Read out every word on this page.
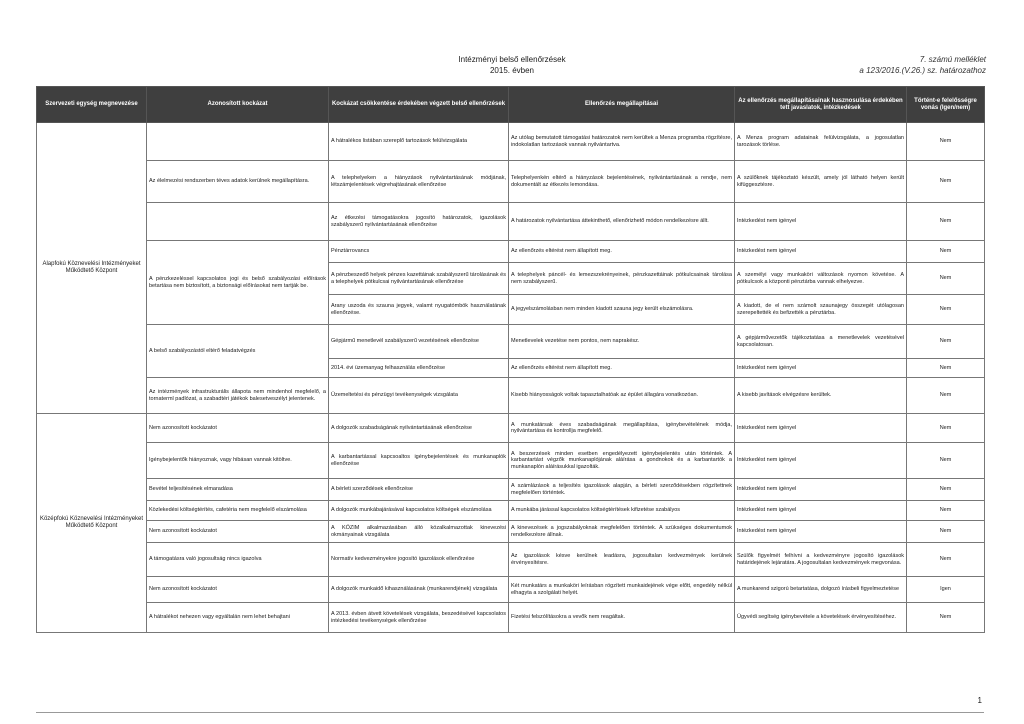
Intézményi belső ellenőrzések
2015. évben
7. számú melléklet
a 123/2016.(V.26.) sz. határozathoz
Szervezeti egység megnevezése	Azonosított kockázat	Kockázat csökkentése érdekében végzett belső ellenőrzések	Ellenőrzés megállapításai	Az ellenőrzés megállapításainak hasznosulása érdekében tett javaslatok, intézkedések	Történt-e felelősségre vonás (Igen/nem)
Alapfokú Köznevelési Intézményeket Működtető Központ		A hátralékos listában szereplő tartozások felülvizsgálata	Az utólag bemutatott támogatási határozatok nem kerültek a Menza programba rögzítésre, indokolatlan tartozások vannak nyilvántartva.	A Menza program adatainak felülvizsgálata, a jogosulatlan tarozások törlése.	Nem
	Az élelmezési rendszerben téves adatok kerülnek megállapításra.	A telephelyeken a hiányzások nyilvántartásának módjának, létszámjelentések végrehajtásának ellenőrzése	Telephelyenkén eltérő a hiányzások bejelentésének, nyilvántartásának a rendje, nem dokumentált az étkezés lemondása.	A szülőknek tájékoztató készült, amely jól látható helyen került kifüggesztésre.	Nem
		Az étkezési támogatásokra jogosító határozatok, igazolások szabályszerű nyilvántartásának ellenőrzése	A határozatok nyilvántartása áttekinthető, ellenőrizhető módon rendelkezésre állt.	Intézkedést nem igényel	Nem
	A pénzkezeléssel kapcsolatos jogi és belső szabályozási előírások betartása nem biztosított, a biztonsági előírásokat nem tartják be.	Pénztárrovancs	Az ellenőrzés eltérést nem állapított meg.	Intézkedést nem igényel	Nem
		A pénzbeszedő helyek pénzes kazettáinak szabályszerű tárolásának és a telephelyek pótkulcsai nyilvántartásának ellenőrzése	A telephelyek páncél- és lemezszekrényeinek, pénzkazettáinak pótkulcsainak tárolása nem szabályszerű.	A személyi vagy munkaköri változások nyomon követése. A pótkulcsok a központi pénztárba vannak elhelyezve.	Nem
		Arany uszoda és szauna jegyek, valamt nyugatómbök használatának ellenőrzése.	A jegyelszámolásban nem minden kiadott szauna jegy került elszámolásra.	A kiadott, de el nem számolt szaunajegy összegét utólagosan szerepeltették és befizették a pénztárba.	Nem
	A belső szabályozástól eltérő feladatvégzés	Gépjármű menetlevél szabályszerű vezetésének ellenőrzése	Menetlevelek vezetése nem pontos, nem naprakész.	A gépjárművezetők tájékoztatása a menetlevelek vezetésével kapcsolatosan.	Nem
		2014. évi üzemanyag felhasználás ellenőrzése	Az ellenőrzés eltérést nem állapított meg.	Intézkedést nem igényel	Nem
	Az intézmények infrastrukturális állapota nem mindenhol megfelelő, a tornaterml padlózat, a szabadtéri játékok balesetveszélyt jelentenek.	Üzemeltetési és pénzügyi tevékenységek vizsgálata	Kisebb hiányosságok voltak tapasztalhatóak az épület állagára vonatkozóan.	A kisebb javítások elvégzésre kerültek.	Nem
Középfokú Köznevelési Intézményeket Működtető Központ	Nem azonosított kockázatot	A dolgozók szabadságának nyilvántartásának ellenőrzése	A munkatársak éves szabadságának megállapítása, igénybevételének módja, nyilvántartása és kontrollja megfelelő.	Intézkedést nem igényel	Nem
	Igénybejelentők hiányoznak, vagy hibásan vannak kitöltve.	A karbantartással kapcsoaltos igénybejelentések és munkanaplók ellenőrzése	A beszerzések minden esetben engedélyezett igénybejelentés után történtek. A karbantartást végzők munkanaplójának aláírása a gondnokok és a karbantartók a munkanaplón aláírásukkal igazolták.	Intézkedést nem igényel	Nem
	Bevétel teljesítésének elmaradása	A bérleti szerződések ellenőrzése	A számlázások a teljesítés igazolások alapján, a bérleti szerződésekben rögzítettnek megfelelően történtek.	Intézkedést nem igényel	Nem
	Közlekedési költségtérítés, cafetéria nem megfelelő elszámolása	A dolgozók munkábajárásával kapcsolatos költségek elszámolása	A munkába járással kapcsolatos költségtérítések kifizetése szabályos	Intézkedést nem igényel	Nem
	Nem azonosított kockázatot	A KÖZIM alkalmazásában álló közalkalmazottak kinevezési okmányainak vizsgálata	A kinevezések a jogszabályoknak megfelelően történtek. A szükséges dokumentumok rendelkezésre állnak.	Intézkedést nem igényel	Nem
	A támogatásra való jogosultság nincs igazolva	Normatív kedvezményekre jogosító igazolások ellenőrzése	Az igazolások késve kerülnek leadásra, jogosultalan kedvezmények kerülnek érvényesítésre.	Szülők figyelmét felhívni a kedvezményre jogosító igazolások határidejének lejáratára. A jogosultalan kedvezmények megvonása.	Nem
	Nem azonosított kockázatot	A dolgozók munkaidő kihasználásának (munkarendjének) vizsgálata	Két munkatárs a munkaköri leírásban rögzített munkaidejének vége előtt, engedély nélkül elhagyta a szolgálati helyét.	A munkarend szigorú betartatása, dolgozó írásbeli figyelmeztetése	Igen
	A hátralékot nehezen vagy egyáltalán nem lehet behajtani	A 2013. évben átvett követelések vizsgálata, beszedésével kapcsolatos intézkedési tevékenységek ellenőrzése	Fizetési felszólításokra a vevők nem reagáltak.	Ügyvédi segítség igénybevétele a követelések érvényesítéséhez.	Nem
1
